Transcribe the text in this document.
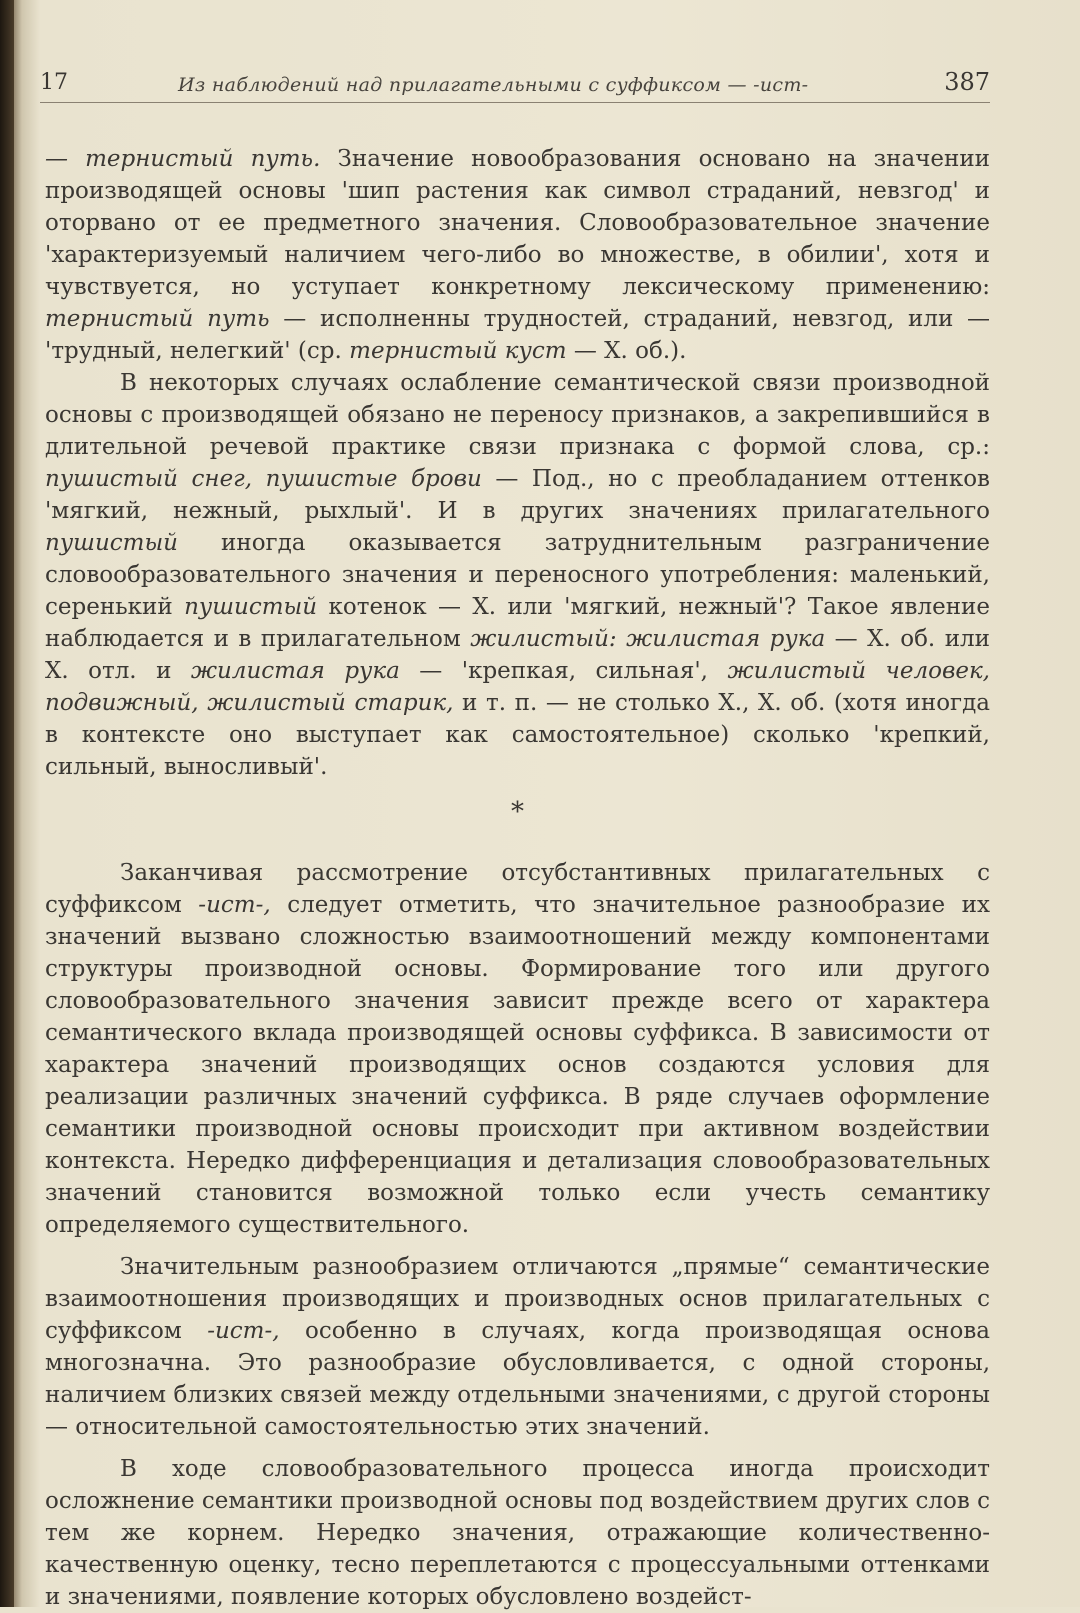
17	Из наблюдений над прилагательными с суффиксом — -ист-	387

— тернистый путь. Значение новообразования основано на значении производящей основы 'шип растения как символ страданий, невзгод' и оторвано от ее предметного значения. Словообразовательное значение 'характеризуемый наличием чего-либо во множестве, в обилии', хотя и чувствуется, но уступает конкретному лексическому применению: тернистый путь — исполненны трудностей, страданий, невзгод, или — 'трудный, нелегкий' (ср. тернистый куст — Х. об.).

В некоторых случаях ослабление семантической связи производной основы с производящей обязано не переносу признаков, а закрепившийся в длительной речевой практике связи признака с формой слова, ср.: пушистый снег, пушистые брови — Под., но с преобладанием оттенков 'мягкий, нежный, рыхлый'. И в других значениях прилагательного пушистый иногда оказывается затруднительным разграничение словообразовательного значения и переносного употребления: маленький, серенький пушистый котенок — Х. или 'мягкий, нежный'? Такое явление наблюдается и в прилагательном жилистый: жилистая рука — Х. об. или Х. отл. и жилистая рука — 'крепкая, сильная', жилистый человек, подвижный, жилистый старик, и т. п. — не столько Х., Х. об. (хотя иногда в контексте оно выступает как самостоятельное) сколько 'крепкий, сильный, выносливый'.

*

Заканчивая рассмотрение отсубстантивных прилагательных с суффиксом -ист-, следует отметить, что значительное разнообразие их значений вызвано сложностью взаимоотношений между компонентами структуры производной основы. Формирование того или другого словообразовательного значения зависит прежде всего от характера семантического вклада производящей основы суффикса. В зависимости от характера значений производящих основ создаются условия для реализации различных значений суффикса. В ряде случаев оформление семантики производной основы происходит при активном воздействии контекста. Нередко дифференциация и детализация словообразовательных значений становится возможной только если учесть семантику определяемого существительного.

Значительным разнообразием отличаются „прямые“ семантические взаимоотношения производящих и производных основ прилагательных с суффиксом -ист-, особенно в случаях, когда производящая основа многозначна. Это разнообразие обусловливается, с одной стороны, наличием близких связей между отдельными значениями, с другой стороны — относительной самостоятельностью этих значений.

В ходе словообразовательного процесса иногда происходит осложнение семантики производной основы под воздействием других слов с тем же корнем. Нередко значения, отражающие количественно-качественную оценку, тесно переплетаются с процессуальными оттенками и значениями, появление которых обусловлено воздейст-
